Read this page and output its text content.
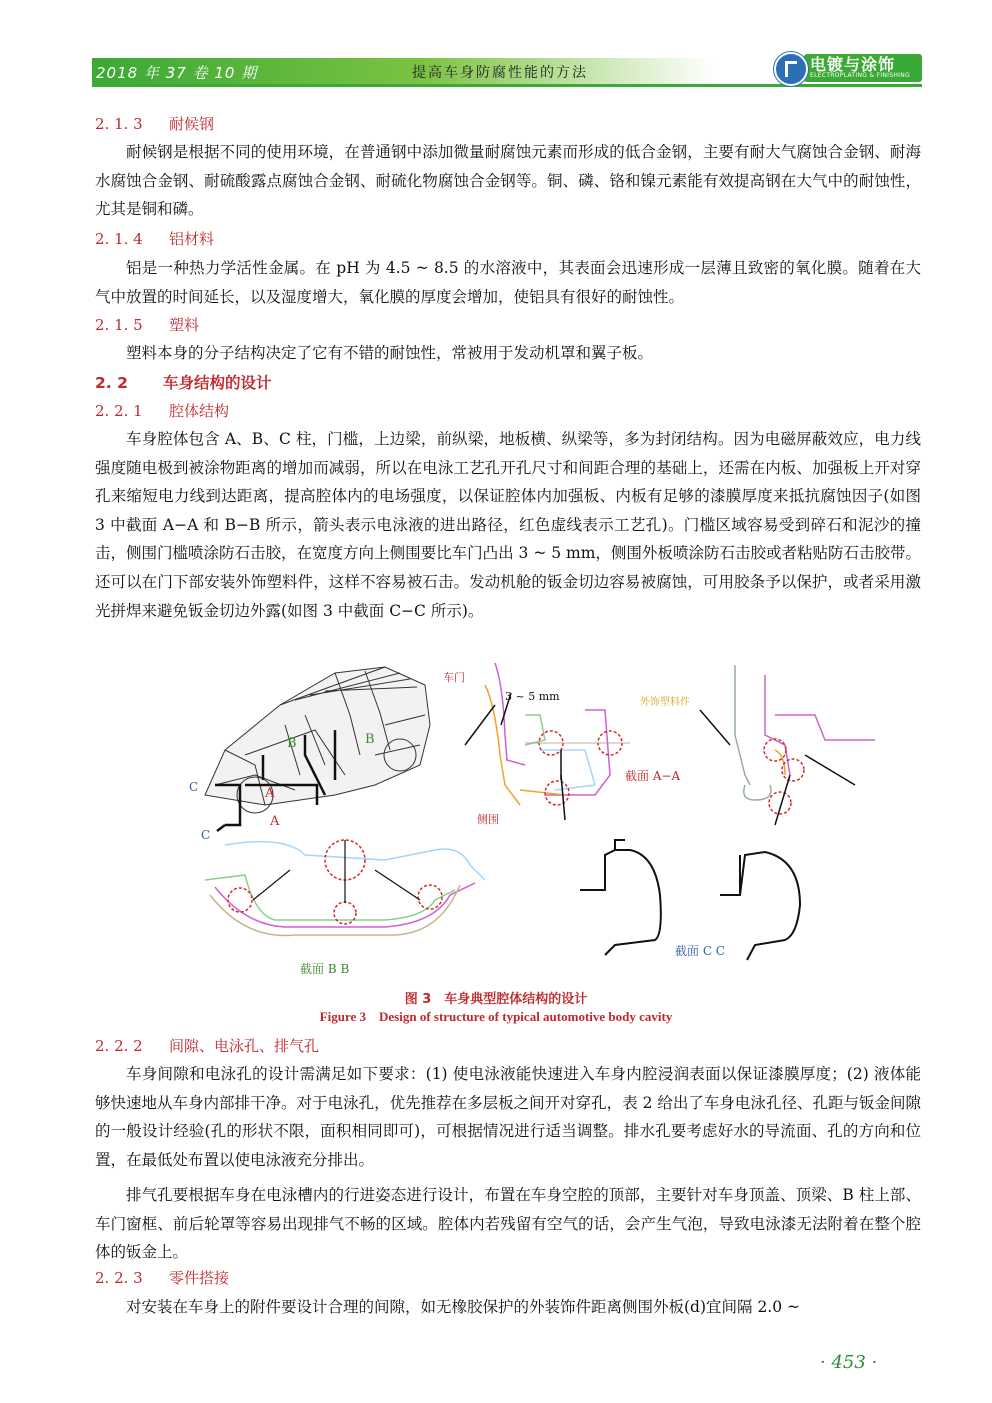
2018 年 37 卷 10 期	提高车身防腐性能的方法	电镀与涂饰
ELECTROPLATING & FINISHING
2. 1. 3 耐候钢
耐候钢是根据不同的使用环境，在普通钢中添加微量耐腐蚀元素而形成的低合金钢，主要有耐大气腐蚀合金钢、耐海水腐蚀合金钢、耐硫酸露点腐蚀合金钢、耐硫化物腐蚀合金钢等。铜、磷、铬和镍元素能有效提高钢在大气中的耐蚀性，尤其是铜和磷。
2. 1. 4 铝材料
铝是一种热力学活性金属。在 pH 为 4.5 ~ 8.5 的水溶液中，其表面会迅速形成一层薄且致密的氧化膜。随着在大气中放置的时间延长，以及湿度增大，氧化膜的厚度会增加，使铝具有很好的耐蚀性。
2. 1. 5 塑料
塑料本身的分子结构决定了它有不错的耐蚀性，常被用于发动机罩和翼子板。
2. 2 车身结构的设计
2. 2. 1 腔体结构
车身腔体包含 A、B、C 柱，门槛，上边梁，前纵梁，地板横、纵梁等，多为封闭结构。因为电磁屏蔽效应，电力线强度随电极到被涂物距离的增加而减弱，所以在电泳工艺孔开孔尺寸和间距合理的基础上，还需在内板、加强板上开对穿孔来缩短电力线到达距离，提高腔体内的电场强度，以保证腔体内加强板、内板有足够的漆膜厚度来抵抗腐蚀因子(如图 3 中截面 A−A 和 B−B 所示，箭头表示电泳液的进出路径，红色虚线表示工艺孔)。门槛区域容易受到碎石和泥沙的撞击，侧围门槛喷涂防石击胶，在宽度方向上侧围要比车门凸出 3 ~ 5 mm，侧围外板喷涂防石击胶或者粘贴防石击胶带。还可以在门下部安装外饰塑料件，这样不容易被石击。发动机舱的钣金切边容易被腐蚀，可用胶条予以保护，或者采用激光拼焊来避免钣金切边外露(如图 3 中截面 C−C 所示)。
B	B
A
A
C
C
车门
3 ~ 5 mm
侧围
截面 A−A
外饰塑料件
截面 B B
截面 C C
图 3　车身典型腔体结构的设计
Figure 3　Design of structure of typical automotive body cavity
2. 2. 2 间隙、电泳孔、排气孔
车身间隙和电泳孔的设计需满足如下要求：(1) 使电泳液能快速进入车身内腔浸润表面以保证漆膜厚度；(2) 液体能够快速地从车身内部排干净。对于电泳孔，优先推荐在多层板之间开对穿孔，表 2 给出了车身电泳孔径、孔距与钣金间隙的一般设计经验(孔的形状不限，面积相同即可)，可根据情况进行适当调整。排水孔要考虑好水的导流面、孔的方向和位置，在最低处布置以使电泳液充分排出。
排气孔要根据车身在电泳槽内的行进姿态进行设计，布置在车身空腔的顶部，主要针对车身顶盖、顶梁、B 柱上部、车门窗框、前后轮罩等容易出现排气不畅的区域。腔体内若残留有空气的话，会产生气泡，导致电泳漆无法附着在整个腔体的钣金上。
2. 2. 3 零件搭接
对安装在车身上的附件要设计合理的间隙，如无橡胶保护的外装饰件距离侧围外板(d)宜间隔 2.0 ~
· 453 ·
